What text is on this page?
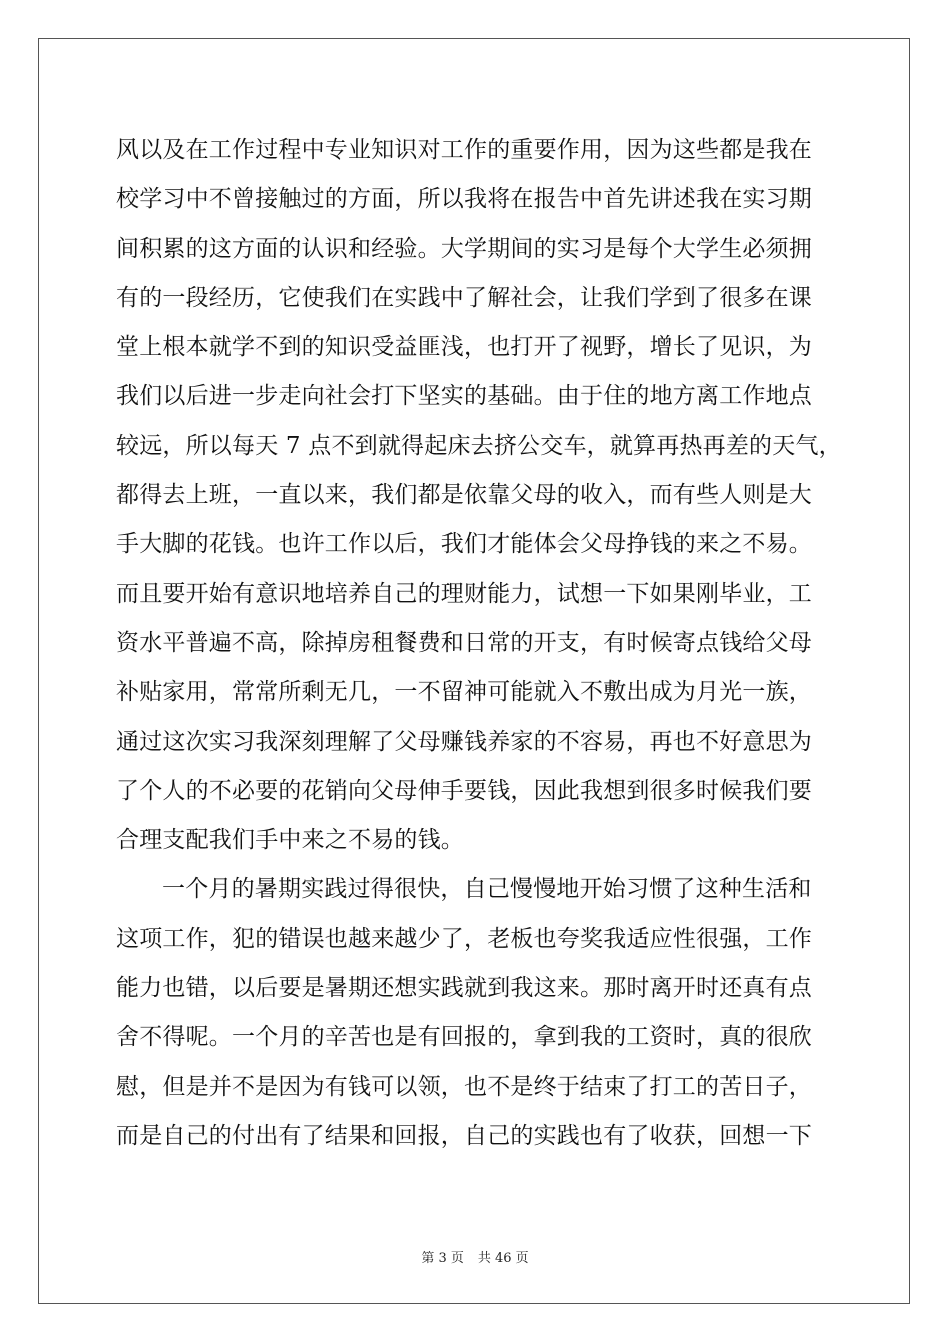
风以及在工作过程中专业知识对工作的重要作用，因为这些都是我在
校学习中不曾接触过的方面，所以我将在报告中首先讲述我在实习期
间积累的这方面的认识和经验。大学期间的实习是每个大学生必须拥
有的一段经历，它使我们在实践中了解社会，让我们学到了很多在课
堂上根本就学不到的知识受益匪浅，也打开了视野，增长了见识，为
我们以后进一步走向社会打下坚实的基础。由于住的地方离工作地点
较远，所以每天 7 点不到就得起床去挤公交车，就算再热再差的天气，
都得去上班，一直以来，我们都是依靠父母的收入，而有些人则是大
手大脚的花钱。也许工作以后，我们才能体会父母挣钱的来之不易。
而且要开始有意识地培养自己的理财能力，试想一下如果刚毕业，工
资水平普遍不高，除掉房租餐费和日常的开支，有时候寄点钱给父母
补贴家用，常常所剩无几，一不留神可能就入不敷出成为月光一族，
通过这次实习我深刻理解了父母赚钱养家的不容易，再也不好意思为
了个人的不必要的花销向父母伸手要钱，因此我想到很多时候我们要
合理支配我们手中来之不易的钱。
一个月的暑期实践过得很快，自己慢慢地开始习惯了这种生活和
这项工作，犯的错误也越来越少了，老板也夸奖我适应性很强，工作
能力也错，以后要是暑期还想实践就到我这来。那时离开时还真有点
舍不得呢。一个月的辛苦也是有回报的，拿到我的工资时，真的很欣
慰，但是并不是因为有钱可以领，也不是终于结束了打工的苦日子，
而是自己的付出有了结果和回报，自己的实践也有了收获，回想一下
第 3 页 共 46 页
